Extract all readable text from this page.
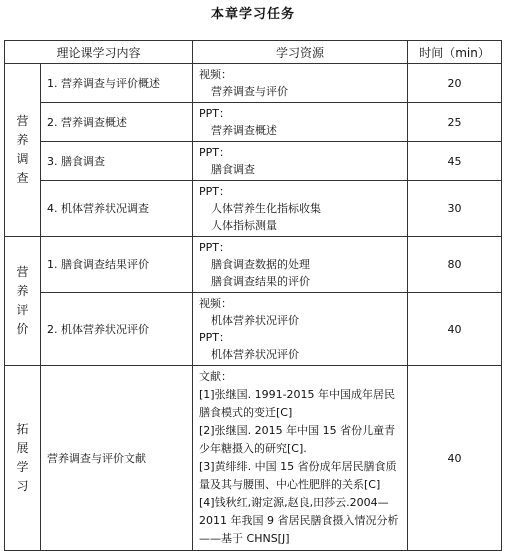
本章学习任务
理论课学习内容		学习资源	时间（min）

营
养
调
查	1. 营养调查与评价概述	视频：
营养调查与评价	20
	2. 营养调查概述	PPT：
营养调查概述	25
	3. 膳食调查	PPT：
膳食调查	45
	4. 机体营养状况调查	PPT：
人体营养生化指标收集
人体指标测量	30

营
养
评
价	1. 膳食调查结果评价	PPT：
膳食调查数据的处理
膳食调查结果的评价	80
	2. 机体营养状况评价	视频：
机体营养状况评价
PPT：
机体营养状况评价	40

拓
展
学
习	营养调查与评价文献	文献：
[1]张继国. 1991-2015 年中国成年居民膳食模式的变迁[C]
[2]张继国. 2015 年中国 15 省份儿童青少年糖摄入的研究[C].
[3]黄绯绯. 中国 15 省份成年居民膳食质量及其与腰围、中心性肥胖的关系[C]
[4]钱秋红,谢定源,赵良,田莎云.2004—2011 年我国 9 省居民膳食摄入情况分析——基于 CHNS[J]	40
